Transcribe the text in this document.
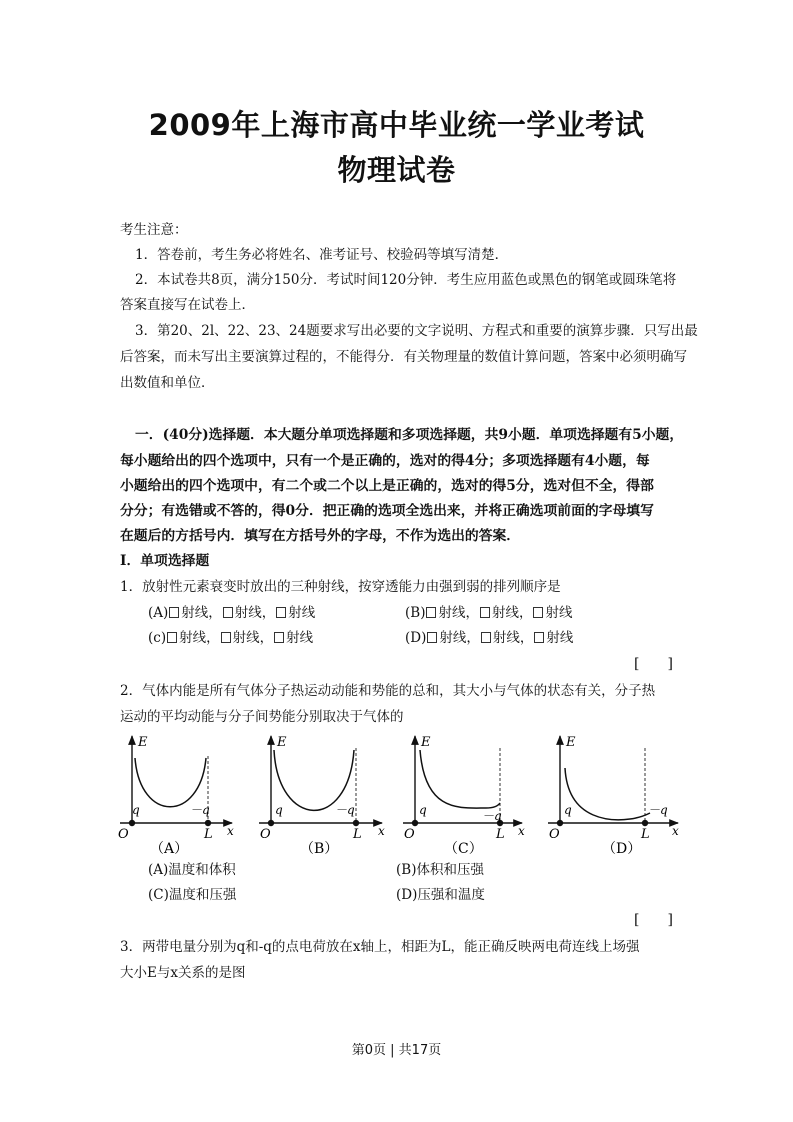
2009年上海市高中毕业统一学业考试
物理试卷
考生注意：
1．答卷前，考生务必将姓名、准考证号、校验码等填写清楚．
2．本试卷共8页，满分150分．考试时间120分钟．考生应用蓝色或黑色的钢笔或圆珠笔将
答案直接写在试卷上．
3．第20、2l、22、23、24题要求写出必要的文字说明、方程式和重要的演算步骤．只写出最
后答案，而未写出主要演算过程的，不能得分．有关物理量的数值计算问题，答案中必须明确写
出数值和单位．
一．(40分)选择题．本大题分单项选择题和多项选择题，共9小题．单项选择题有5小题，
每小题给出的四个选项中，只有一个是正确的，选对的得4分；多项选择题有4小题，每
小题给出的四个选项中，有二个或二个以上是正确的，选对的得5分，选对但不全，得部
分分；有选错或不答的，得0分．把正确的选项全选出来，并将正确选项前面的字母填写
在题后的方括号内．填写在方括号外的字母，不作为选出的答案．
Ⅰ．单项选择题
1．放射性元素衰变时放出的三种射线，按穿透能力由强到弱的排列顺序是
(A) 射线， 射线， 射线	(B) 射线， 射线， 射线
(c) 射线， 射线， 射线	(D) 射线， 射线， 射线
[　　]
2．气体内能是所有气体分子热运动动能和势能的总和，其大小与气体的状态有关，分子热
运动的平均动能与分子间势能分别取决于气体的
E
q	－q
O	L x
（A）
E
q	－q
O	L x
（B）
E
q	－q
O	L x
（C）
E
q	－q
O	L x
（D）
(A)温度和体积	(B)体积和压强
(C)温度和压强	(D)压强和温度
[　　]
3．两带电量分别为q和-q的点电荷放在x轴上，相距为L，能正确反映两电荷连线上场强
大小E与x关系的是图
第0页 | 共17页
